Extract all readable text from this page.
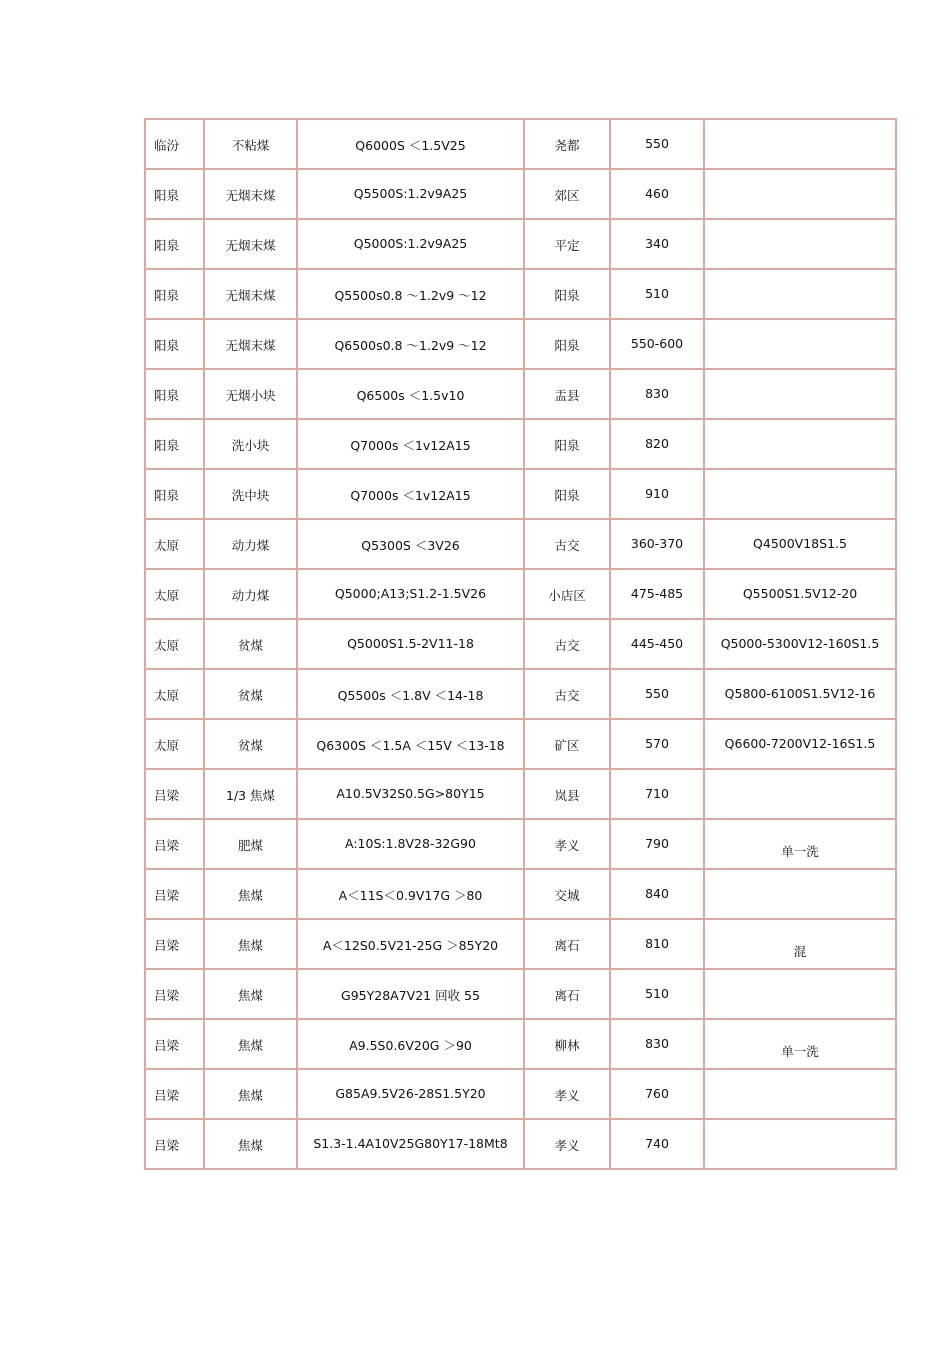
临汾	不粘煤	Q6000S ＜1.5V25	尧都	550	

阳泉	无烟末煤	Q5500S:1.2v9A25	郊区	460	

阳泉	无烟末煤	Q5000S:1.2v9A25	平定	340	

阳泉	无烟末煤	Q5500s0.8 ～1.2v9 ～12	阳泉	510	

阳泉	无烟末煤	Q6500s0.8 ～1.2v9 ～12	阳泉	550-600	

阳泉	无烟小块	Q6500s ＜1.5v10	盂县	830	

阳泉	洗小块	Q7000s ＜1v12A15	阳泉	820	

阳泉	洗中块	Q7000s ＜1v12A15	阳泉	910	

太原	动力煤	Q5300S ＜3V26	古交	360-370	Q4500V18S1.5

太原	动力煤	Q5000;A13;S1.2-1.5V26	小店区	475-485	Q5500S1.5V12-20

太原	贫煤	Q5000S1.5-2V11-18	古交	445-450	Q5000-5300V12-160S1.5

太原	贫煤	Q5500s ＜1.8V ＜14-18	古交	550	Q5800-6100S1.5V12-16

太原	贫煤	Q6300S ＜1.5A ＜15V ＜13-18	矿区	570	Q6600-7200V12-16S1.5

吕梁	1/3 焦煤	A10.5V32S0.5G>80Y15	岚县	710	

吕梁	肥煤	A:10S:1.8V28-32G90	孝义	790	单一洗

吕梁	焦煤	A＜11S＜0.9V17G ＞80	交城	840	

吕梁	焦煤	A＜12S0.5V21-25G ＞85Y20	离石	810	混

吕梁	焦煤	G95Y28A7V21 回收 55	离石	510	

吕梁	焦煤	A9.5S0.6V20G ＞90	柳林	830	单一洗

吕梁	焦煤	G85A9.5V26-28S1.5Y20	孝义	760	

吕梁	焦煤	S1.3-1.4A10V25G80Y17-18Mt8	孝义	740	
